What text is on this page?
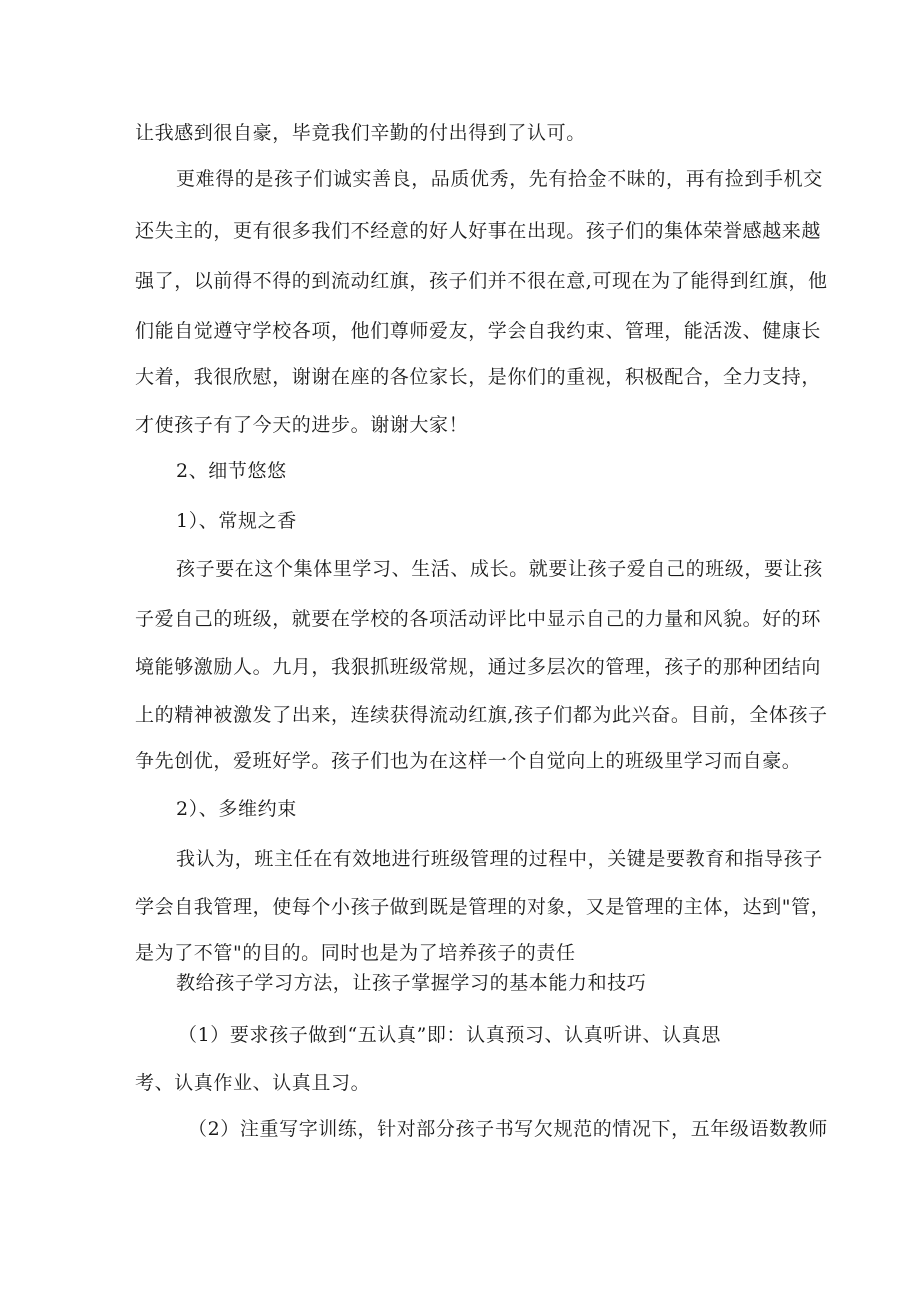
让我感到很自豪，毕竟我们辛勤的付出得到了认可。
更难得的是孩子们诚实善良，品质优秀，先有拾金不昧的，再有捡到手机交
还失主的，更有很多我们不经意的好人好事在出现。孩子们的集体荣誉感越来越
强了，以前得不得的到流动红旗，孩子们并不很在意,可现在为了能得到红旗，他
们能自觉遵守学校各项，他们尊师爱友，学会自我约束、管理，能活泼、健康长
大着，我很欣慰，谢谢在座的各位家长，是你们的重视，积极配合，全力支持，
才使孩子有了今天的进步。谢谢大家！
2、细节悠悠
1）、常规之香
孩子要在这个集体里学习、生活、成长。就要让孩子爱自己的班级，要让孩
子爱自己的班级，就要在学校的各项活动评比中显示自己的力量和风貌。好的环
境能够激励人。九月，我狠抓班级常规，通过多层次的管理，孩子的那种团结向
上的精神被激发了出来，连续获得流动红旗,孩子们都为此兴奋。目前，全体孩子
争先创优，爱班好学。孩子们也为在这样一个自觉向上的班级里学习而自豪。
2）、多维约束
我认为，班主任在有效地进行班级管理的过程中，关键是要教育和指导孩子
学会自我管理，使每个小孩子做到既是管理的对象，又是管理的主体，达到"管，
是为了不管"的目的。同时也是为了培养孩子的责任
教给孩子学习方法，让孩子掌握学习的基本能力和技巧
（1）要求孩子做到“五认真”即：认真预习、认真听讲、认真思
考、认真作业、认真且习。
（2）注重写字训练，针对部分孩子书写欠规范的情况下，五年级语数教师
